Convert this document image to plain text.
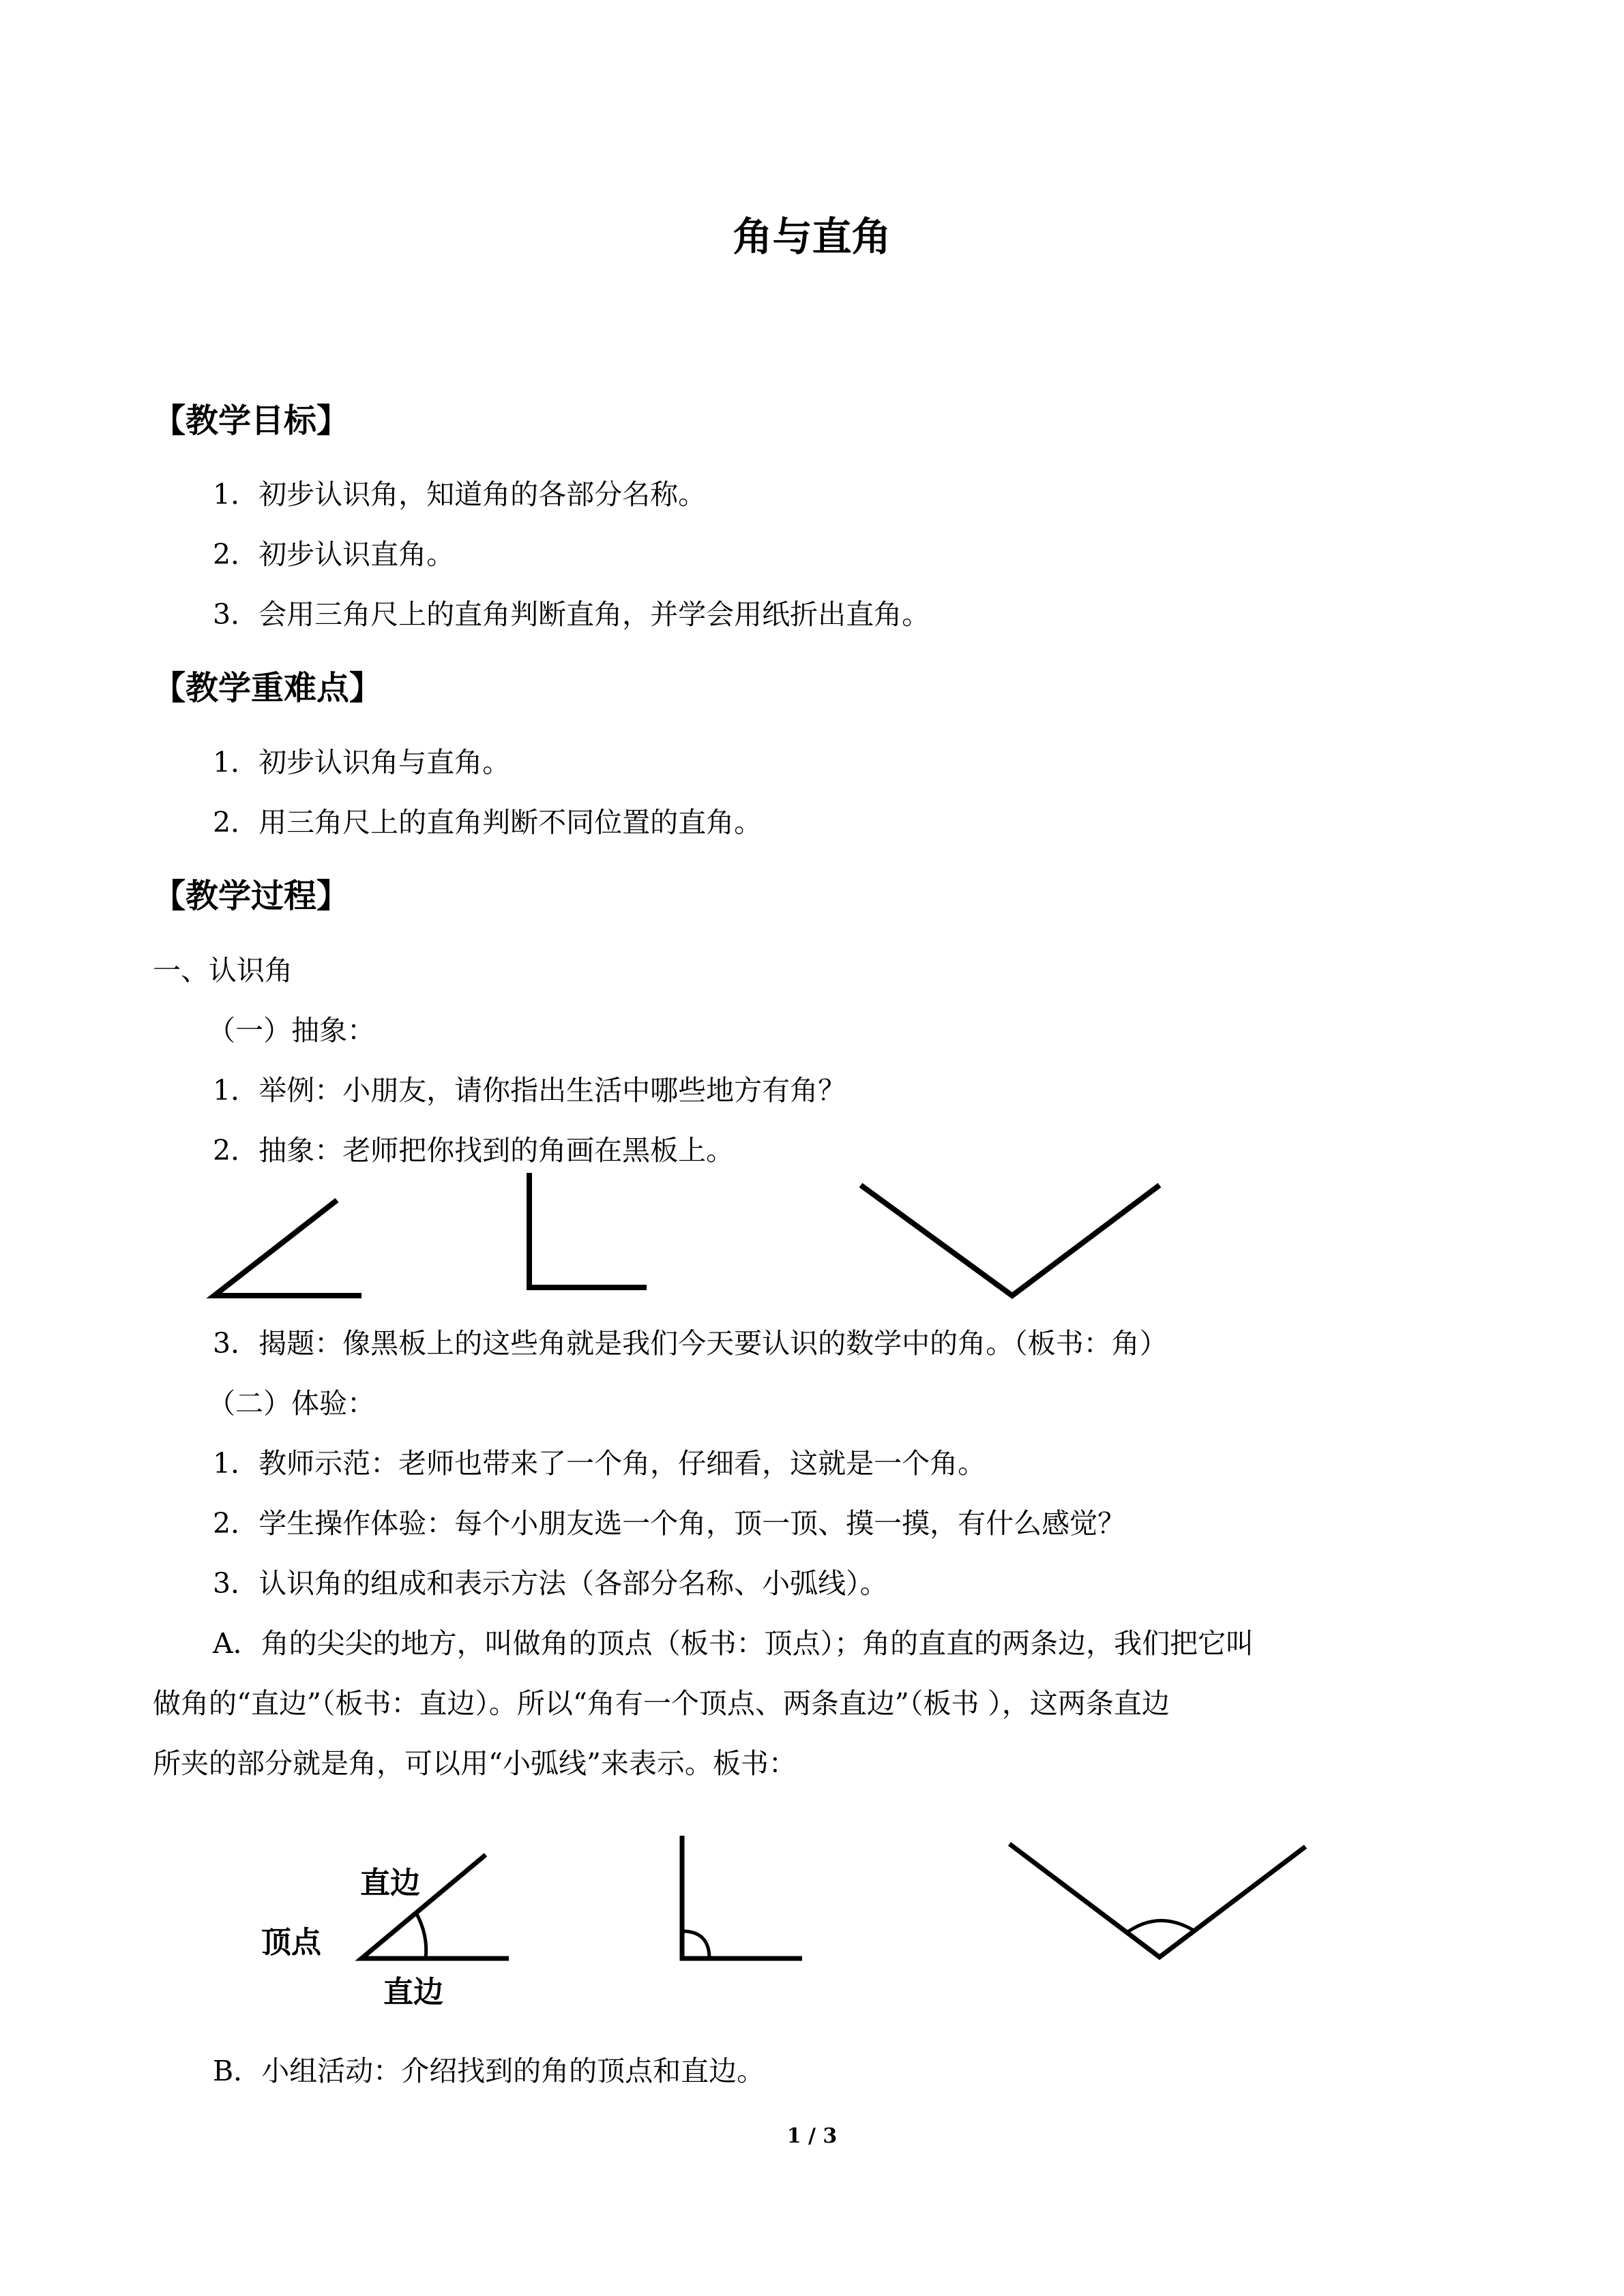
角与直角
【教学目标】
1．初步认识角，知道角的各部分名称。
2．初步认识直角。
3．会用三角尺上的直角判断直角，并学会用纸折出直角。
【教学重难点】
1．初步认识角与直角。
2．用三角尺上的直角判断不同位置的直角。
【教学过程】
一、认识角
（一）抽象：
1．举例：小朋友，请你指出生活中哪些地方有角？
2．抽象：老师把你找到的角画在黑板上。
3．揭题：像黑板上的这些角就是我们今天要认识的数学中的角。（板书：角）
（二）体验：
1．教师示范：老师也带来了一个角，仔细看，这就是一个角。
2．学生操作体验：每个小朋友选一个角，顶一顶、摸一摸，有什么感觉？
3．认识角的组成和表示方法（各部分名称、小弧线）。
A．角的尖尖的地方，叫做角的顶点（板书：顶点）；角的直直的两条边，我们把它叫
做角的“直边”（板书：直边）。所以“角有一个顶点、两条直边”（板书 ），这两条直边
所夹的部分就是角，可以用“小弧线”来表示。板书：
直边
顶点
直边
B．小组活动：介绍找到的角的顶点和直边。
1 / 3
